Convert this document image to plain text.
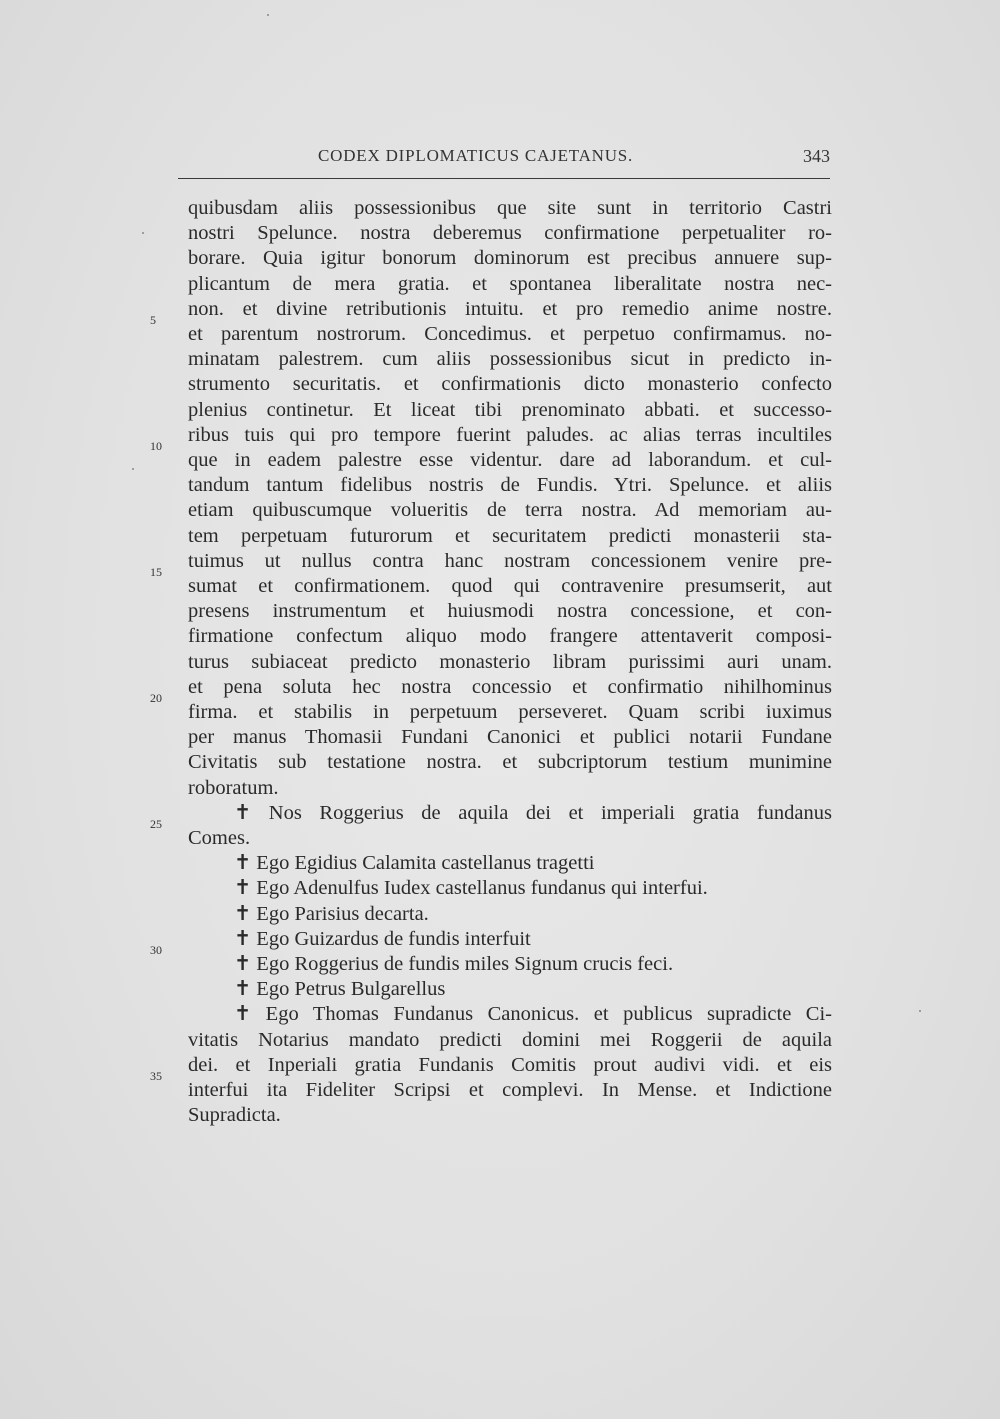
CODEX DIPLOMATICUS CAJETANUS.	343
quibusdam aliis possessionibus que site sunt in territorio Castri
nostri Spelunce. nostra deberemus confirmatione perpetualiter ro-
borare. Quia igitur bonorum dominorum est precibus annuere sup-
plicantum de mera gratia. et spontanea liberalitate nostra nec-
non. et divine retributionis intuitu. et pro remedio anime nostre.
et parentum nostrorum. Concedimus. et perpetuo confirmamus. no-
minatam palestrem. cum aliis possessionibus sicut in predicto in-
strumento securitatis. et confirmationis dicto monasterio confecto
plenius continetur. Et liceat tibi prenominato abbati. et successo-
ribus tuis qui pro tempore fuerint paludes. ac alias terras incultiles
que in eadem palestre esse videntur. dare ad laborandum. et cul-
tandum tantum fidelibus nostris de Fundis. Ytri. Spelunce. et aliis
etiam quibuscumque volueritis de terra nostra. Ad memoriam au-
tem perpetuam futurorum et securitatem predicti monasterii sta-
tuimus ut nullus contra hanc nostram concessionem venire pre-
sumat et confirmationem. quod qui contravenire presumserit, aut
presens instrumentum et huiusmodi nostra concessione, et con-
firmatione confectum aliquo modo frangere attentaverit composi-
turus subiaceat predicto monasterio libram purissimi auri unam.
et pena soluta hec nostra concessio et confirmatio nihilhominus
firma. et stabilis in perpetuum perseveret. Quam scribi iuximus
per manus Thomasii Fundani Canonici et publici notarii Fundane
Civitatis sub testatione nostra. et subcriptorum testium munimine
roboratum.
✝ Nos Roggerius de aquila dei et imperiali gratia fundanus
Comes.
✝ Ego Egidius Calamita castellanus tragetti
✝ Ego Adenulfus Iudex castellanus fundanus qui interfui.
✝ Ego Parisius decarta.
✝ Ego Guizardus de fundis interfuit
✝ Ego Roggerius de fundis miles Signum crucis feci.
✝ Ego Petrus Bulgarellus
✝ Ego Thomas Fundanus Canonicus. et publicus supradicte Ci-
vitatis Notarius mandato predicti domini mei Roggerii de aquila
dei. et Inperiali gratia Fundanis Comitis prout audivi vidi. et eis
interfui ita Fideliter Scripsi et complevi. In Mense. et Indictione
Supradicta.
5
10
15
20
25
30
35
